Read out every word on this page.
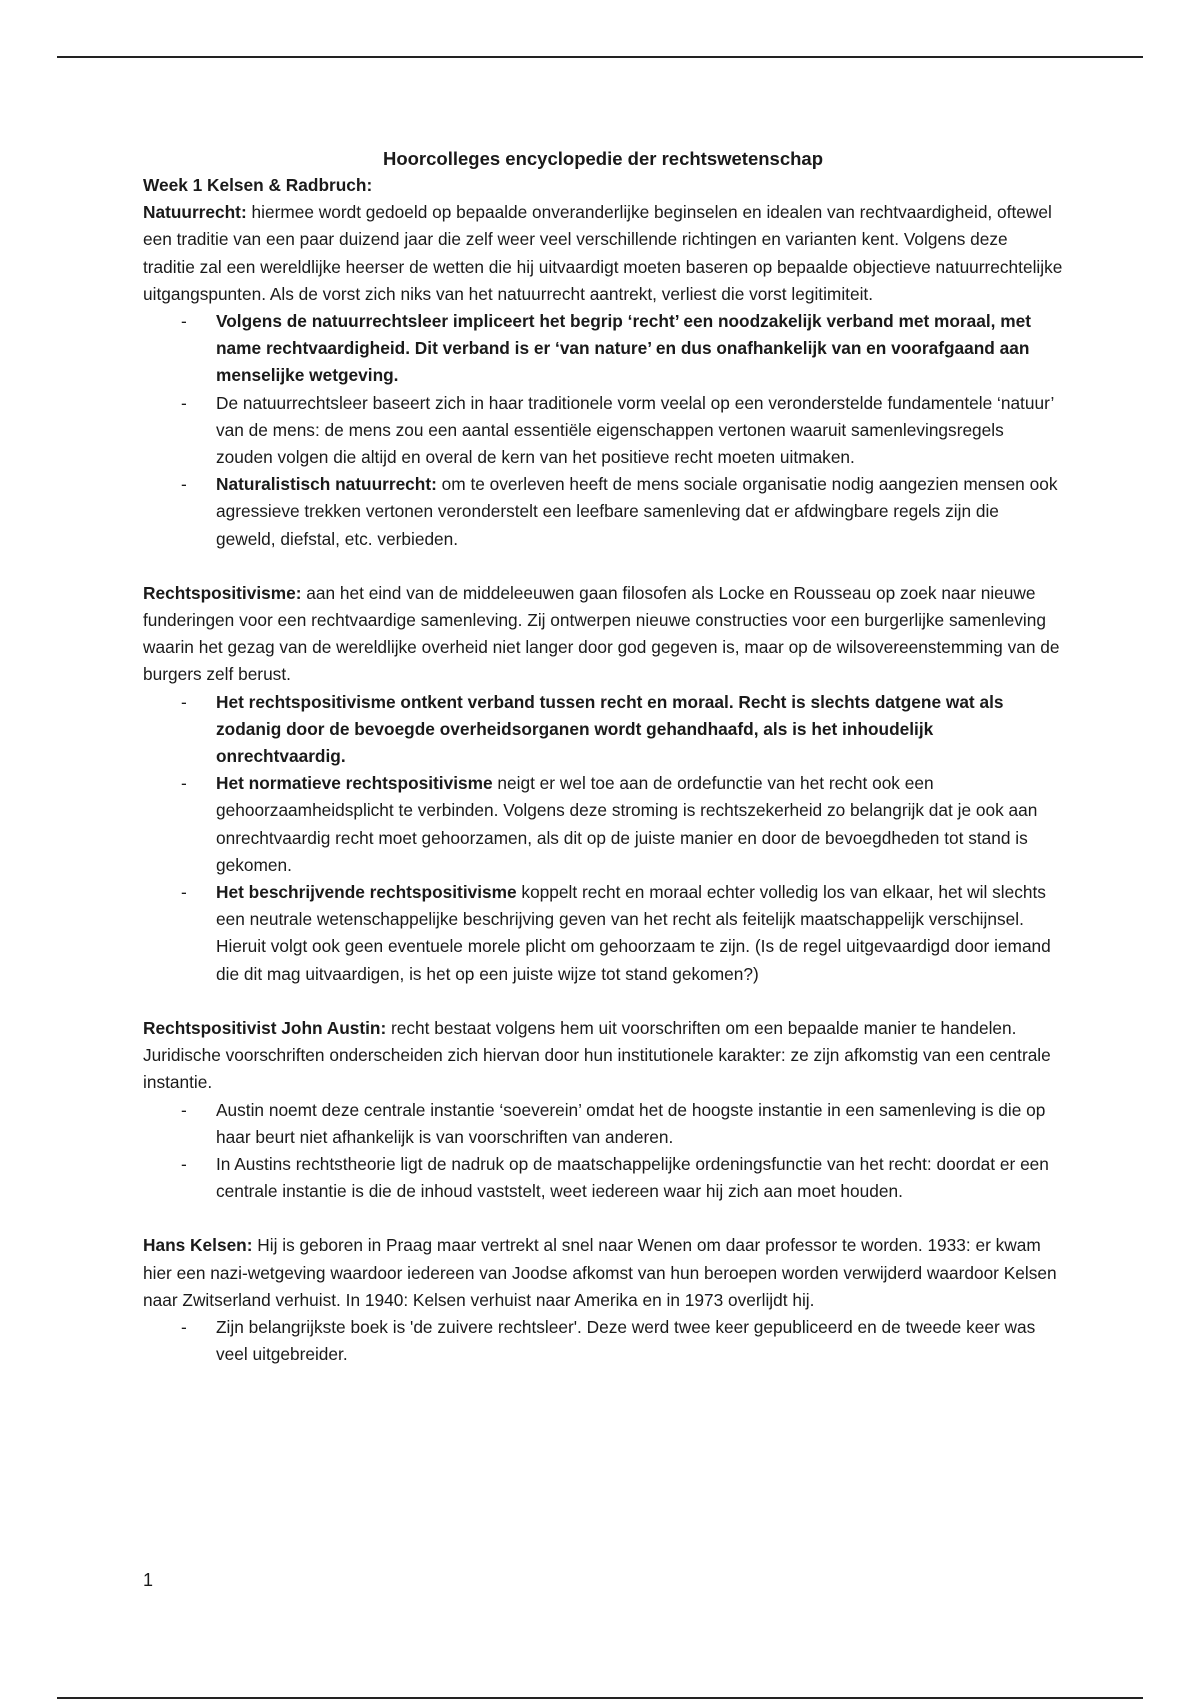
Hoorcolleges encyclopedie der rechtswetenschap

Week 1 Kelsen & Radbruch:

Natuurrecht: hiermee wordt gedoeld op bepaalde onveranderlijke beginselen en idealen van rechtvaardigheid, oftewel een traditie van een paar duizend jaar die zelf weer veel verschillende richtingen en varianten kent. Volgens deze traditie zal een wereldlijke heerser de wetten die hij uitvaardigt moeten baseren op bepaalde objectieve natuurrechtelijke uitgangspunten. Als de vorst zich niks van het natuurrecht aantrekt, verliest die vorst legitimiteit.

- Volgens de natuurrechtsleer impliceert het begrip ‘recht’ een noodzakelijk verband met moraal, met name rechtvaardigheid. Dit verband is er ‘van nature’ en dus onafhankelijk van en voorafgaand aan menselijke wetgeving.
- De natuurrechtsleer baseert zich in haar traditionele vorm veelal op een veronderstelde fundamentele ‘natuur’ van de mens: de mens zou een aantal essentiële eigenschappen vertonen waaruit samenlevingsregels zouden volgen die altijd en overal de kern van het positieve recht moeten uitmaken.
- Naturalistisch natuurrecht: om te overleven heeft de mens sociale organisatie nodig aangezien mensen ook agressieve trekken vertonen veronderstelt een leefbare samenleving dat er afdwingbare regels zijn die geweld, diefstal, etc. verbieden.

Rechtspositivisme: aan het eind van de middeleeuwen gaan filosofen als Locke en Rousseau op zoek naar nieuwe funderingen voor een rechtvaardige samenleving. Zij ontwerpen nieuwe constructies voor een burgerlijke samenleving waarin het gezag van de wereldlijke overheid niet langer door god gegeven is, maar op de wilsovereenstemming van de burgers zelf berust.

- Het rechtspositivisme ontkent verband tussen recht en moraal. Recht is slechts datgene wat als zodanig door de bevoegde overheidsorganen wordt gehandhaafd, als is het inhoudelijk onrechtvaardig.
- Het normatieve rechtspositivisme neigt er wel toe aan de ordefunctie van het recht ook een gehoorzaamheidsplicht te verbinden. Volgens deze stroming is rechtszekerheid zo belangrijk dat je ook aan onrechtvaardig recht moet gehoorzamen, als dit op de juiste manier en door de bevoegdheden tot stand is gekomen.
- Het beschrijvende rechtspositivisme koppelt recht en moraal echter volledig los van elkaar, het wil slechts een neutrale wetenschappelijke beschrijving geven van het recht als feitelijk maatschappelijk verschijnsel. Hieruit volgt ook geen eventuele morele plicht om gehoorzaam te zijn. (Is de regel uitgevaardigd door iemand die dit mag uitvaardigen, is het op een juiste wijze tot stand gekomen?)

Rechtspositivist John Austin: recht bestaat volgens hem uit voorschriften om een bepaalde manier te handelen. Juridische voorschriften onderscheiden zich hiervan door hun institutionele karakter: ze zijn afkomstig van een centrale instantie.

- Austin noemt deze centrale instantie ‘soeverein’ omdat het de hoogste instantie in een samenleving is die op haar beurt niet afhankelijk is van voorschriften van anderen.
- In Austins rechtstheorie ligt de nadruk op de maatschappelijke ordeningsfunctie van het recht: doordat er een centrale instantie is die de inhoud vaststelt, weet iedereen waar hij zich aan moet houden.

Hans Kelsen: Hij is geboren in Praag maar vertrekt al snel naar Wenen om daar professor te worden. 1933: er kwam hier een nazi-wetgeving waardoor iedereen van Joodse afkomst van hun beroepen worden verwijderd waardoor Kelsen naar Zwitserland verhuist. In 1940: Kelsen verhuist naar Amerika en in 1973 overlijdt hij.

- Zijn belangrijkste boek is 'de zuivere rechtsleer'. Deze werd twee keer gepubliceerd en de tweede keer was veel uitgebreider.
1
